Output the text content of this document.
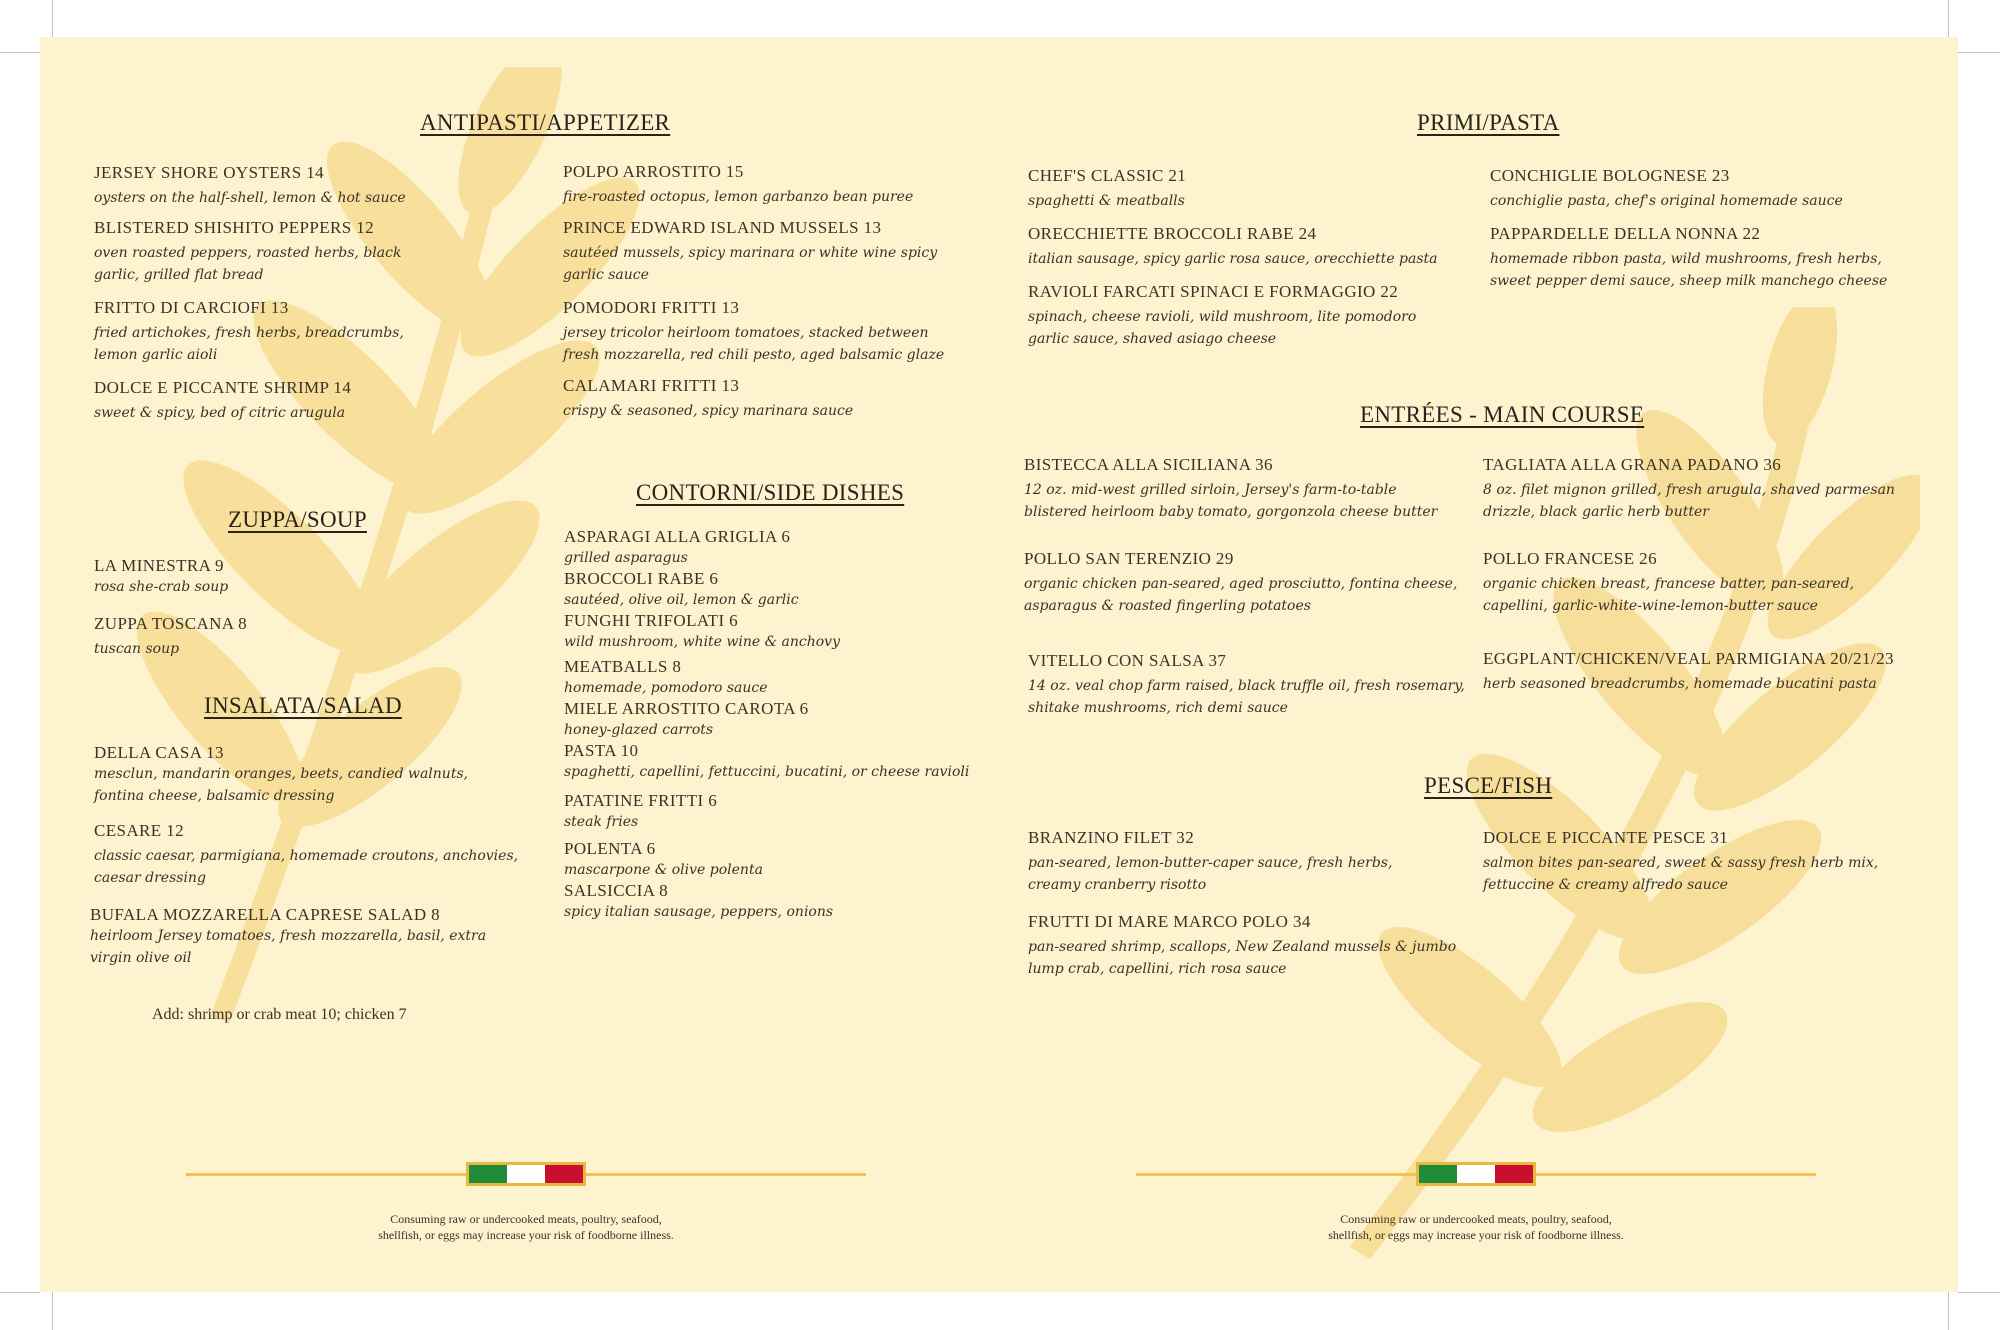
ANTIPASTI/APPETIZER
JERSEY SHORE OYSTERS 14
oysters on the half-shell, lemon & hot sauce
BLISTERED SHISHITO PEPPERS 12
oven roasted peppers, roasted herbs, black garlic, grilled flat bread
FRITTO DI CARCIOFI 13
fried artichokes, fresh herbs, breadcrumbs, lemon garlic aioli
DOLCE E PICCANTE SHRIMP 14
sweet & spicy, bed of citric arugula
POLPO ARROSTITO 15
fire-roasted octopus, lemon garbanzo bean puree
PRINCE EDWARD ISLAND MUSSELS 13
sautéed mussels, spicy marinara or white wine spicy garlic sauce
POMODORI FRITTI 13
jersey tricolor heirloom tomatoes, stacked between fresh mozzarella, red chili pesto, aged balsamic glaze
CALAMARI FRITTI 13
crispy & seasoned, spicy marinara sauce
ZUPPA/SOUP
LA MINESTRA 9
rosa she-crab soup
ZUPPA TOSCANA 8
tuscan soup
INSALATA/SALAD
DELLA CASA 13
mesclun, mandarin oranges, beets, candied walnuts, fontina cheese, balsamic dressing
CESARE 12
classic caesar, parmigiana, homemade croutons, anchovies, caesar dressing
BUFALA MOZZARELLA CAPRESE SALAD 8
heirloom Jersey tomatoes, fresh mozzarella, basil, extra virgin olive oil
Add: shrimp or crab meat 10; chicken 7
CONTORNI/SIDE DISHES
ASPARAGI ALLA GRIGLIA 6
grilled asparagus
BROCCOLI RABE 6
sautéed, olive oil, lemon & garlic
FUNGHI TRIFOLATI 6
wild mushroom, white wine & anchovy
MEATBALLS 8
homemade, pomodoro sauce
MIELE ARROSTITO CAROTA 6
honey-glazed carrots
PASTA 10
spaghetti, capellini, fettuccini, bucatini, or cheese ravioli
PATATINE FRITTI 6
steak fries
POLENTA 6
mascarpone & olive polenta
SALSICCIA 8
spicy italian sausage, peppers, onions
Consuming raw or undercooked meats, poultry, seafood,
shellfish, or eggs may increase your risk of foodborne illness.
PRIMI/PASTA
CHEF'S CLASSIC 21
spaghetti & meatballs
ORECCHIETTE BROCCOLI RABE 24
italian sausage, spicy garlic rosa sauce, orecchiette pasta
RAVIOLI FARCATI SPINACI E FORMAGGIO 22
spinach, cheese ravioli, wild mushroom, lite pomodoro garlic sauce, shaved asiago cheese
CONCHIGLIE BOLOGNESE 23
conchiglie pasta, chef's original homemade sauce
PAPPARDELLE DELLA NONNA 22
homemade ribbon pasta, wild mushrooms, fresh herbs, sweet pepper demi sauce, sheep milk manchego cheese
ENTRÉES - MAIN COURSE
BISTECCA ALLA SICILIANA 36
12 oz. mid-west grilled sirloin, Jersey's farm-to-table blistered heirloom baby tomato, gorgonzola cheese butter
POLLO SAN TERENZIO 29
organic chicken pan-seared, aged prosciutto, fontina cheese, asparagus & roasted fingerling potatoes
VITELLO CON SALSA 37
14 oz. veal chop farm raised, black truffle oil, fresh rosemary, shitake mushrooms, rich demi sauce
TAGLIATA ALLA GRANA PADANO 36
8 oz. filet mignon grilled, fresh arugula, shaved parmesan drizzle, black garlic herb butter
POLLO FRANCESE 26
organic chicken breast, francese batter, pan-seared, capellini, garlic-white-wine-lemon-butter sauce
EGGPLANT/CHICKEN/VEAL PARMIGIANA 20/21/23
herb seasoned breadcrumbs, homemade bucatini pasta
PESCE/FISH
BRANZINO FILET 32
pan-seared, lemon-butter-caper sauce, fresh herbs, creamy cranberry risotto
FRUTTI DI MARE MARCO POLO 34
pan-seared shrimp, scallops, New Zealand mussels & jumbo lump crab, capellini, rich rosa sauce
DOLCE E PICCANTE PESCE 31
salmon bites pan-seared, sweet & sassy fresh herb mix, fettuccine & creamy alfredo sauce
Consuming raw or undercooked meats, poultry, seafood,
shellfish, or eggs may increase your risk of foodborne illness.
